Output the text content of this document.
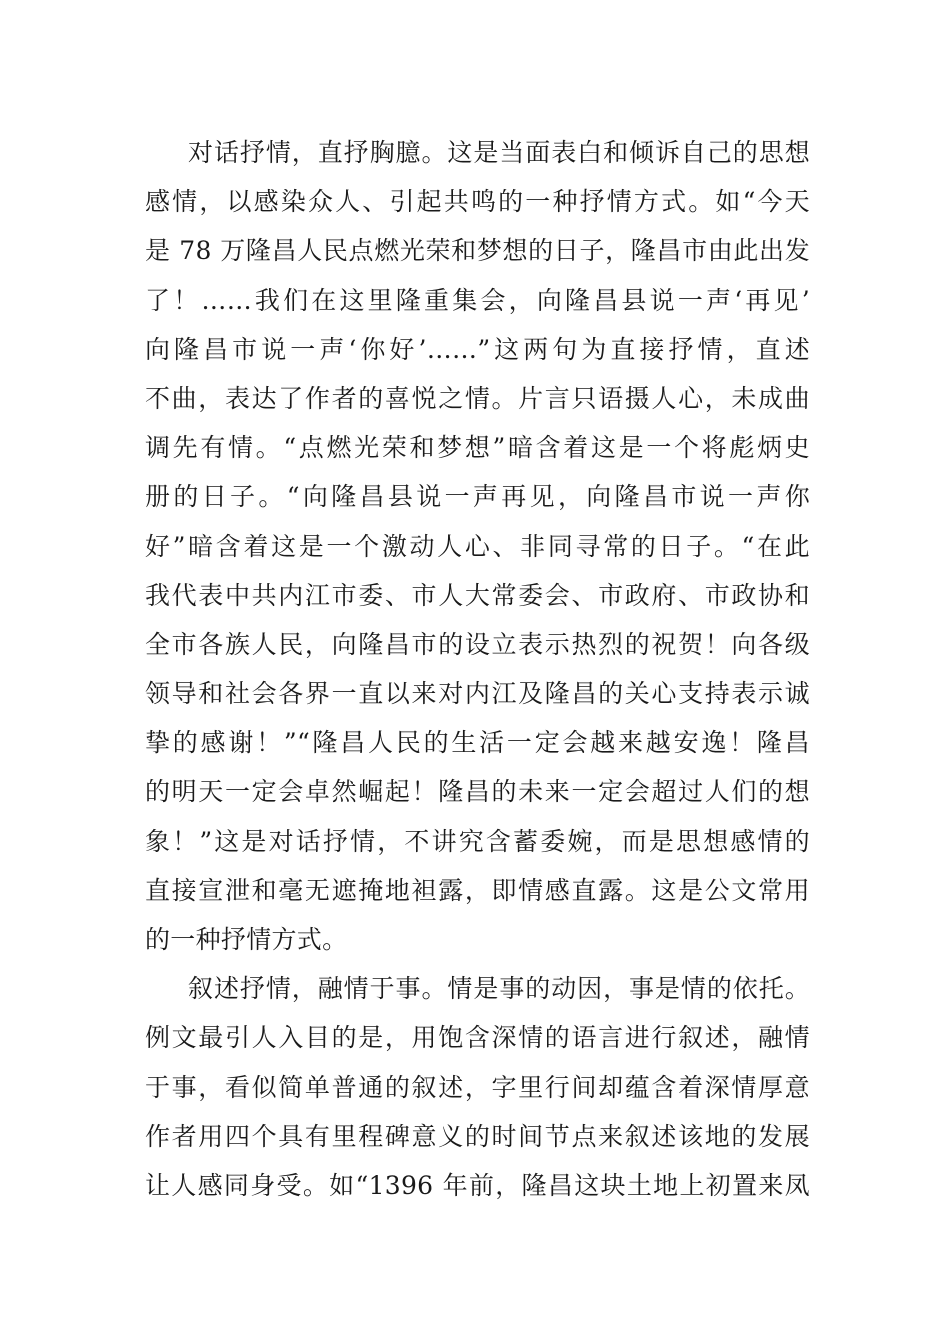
对话抒情，直抒胸臆。这是当面表白和倾诉自己的思想
感情，以感染众人、引起共鸣的一种抒情方式。如“今天
是 78 万隆昌人民点燃光荣和梦想的日子，隆昌市由此出发
了！……我们在这里隆重集会，向隆昌县说一声‘再见’
向隆昌市说一声‘你好’……”这两句为直接抒情，直述
不曲，表达了作者的喜悦之情。片言只语摄人心，未成曲
调先有情。“点燃光荣和梦想”暗含着这是一个将彪炳史
册的日子。“向隆昌县说一声再见，向隆昌市说一声你
好”暗含着这是一个激动人心、非同寻常的日子。“在此
我代表中共内江市委、市人大常委会、市政府、市政协和
全市各族人民，向隆昌市的设立表示热烈的祝贺！向各级
领导和社会各界一直以来对内江及隆昌的关心支持表示诚
挚的感谢！”“隆昌人民的生活一定会越来越安逸！隆昌
的明天一定会卓然崛起！隆昌的未来一定会超过人们的想
象！”这是对话抒情，不讲究含蓄委婉，而是思想感情的
直接宣泄和毫无遮掩地袒露，即情感直露。这是公文常用
的一种抒情方式。
叙述抒情，融情于事。情是事的动因，事是情的依托。
例文最引人入目的是，用饱含深情的语言进行叙述，融情
于事，看似简单普通的叙述，字里行间却蕴含着深情厚意
作者用四个具有里程碑意义的时间节点来叙述该地的发展
让人感同身受。如“1396 年前，隆昌这块土地上初置来凤
